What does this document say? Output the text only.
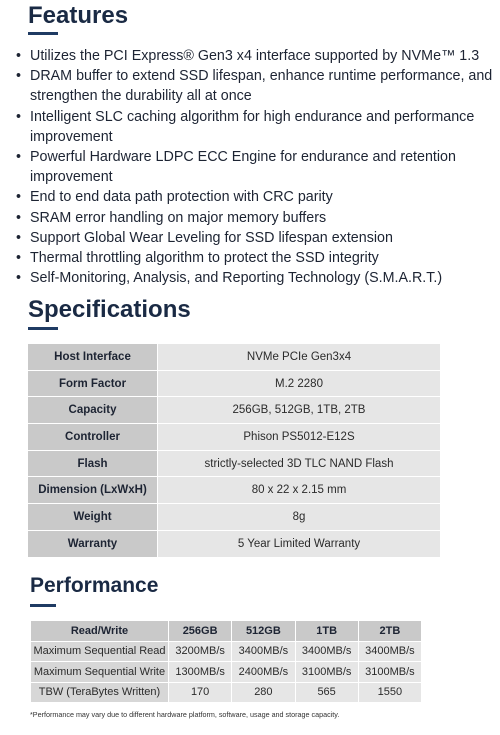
Features
• Utilizes the PCI Express® Gen3 x4 interface supported by NVMe™ 1.3
• DRAM buffer to extend SSD lifespan, enhance runtime performance, and strengthen the durability all at once
• Intelligent SLC caching algorithm for high endurance and performance improvement
• Powerful Hardware LDPC ECC Engine for endurance and retention improvement
• End to end data path protection with CRC parity
• SRAM error handling on major memory buffers
• Support Global Wear Leveling for SSD lifespan extension
• Thermal throttling algorithm to protect the SSD integrity
• Self-Monitoring, Analysis, and Reporting Technology (S.M.A.R.T.)
Specifications
Host Interface	NVMe PCIe Gen3x4
Form Factor	M.2 2280
Capacity	256GB, 512GB, 1TB, 2TB
Controller	Phison PS5012-E12S
Flash	strictly-selected 3D TLC NAND Flash
Dimension (LxWxH)	80 x 22 x 2.15 mm
Weight	8g
Warranty	5 Year Limited Warranty
Performance
Read/Write	256GB	512GB	1TB	2TB
Maximum Sequential Read	3200MB/s	3400MB/s	3400MB/s	3400MB/s
Maximum Sequential Write	1300MB/s	2400MB/s	3100MB/s	3100MB/s
TBW (TeraBytes Written)	170	280	565	1550
*Performance may vary due to different hardware platform, software, usage and storage capacity.
